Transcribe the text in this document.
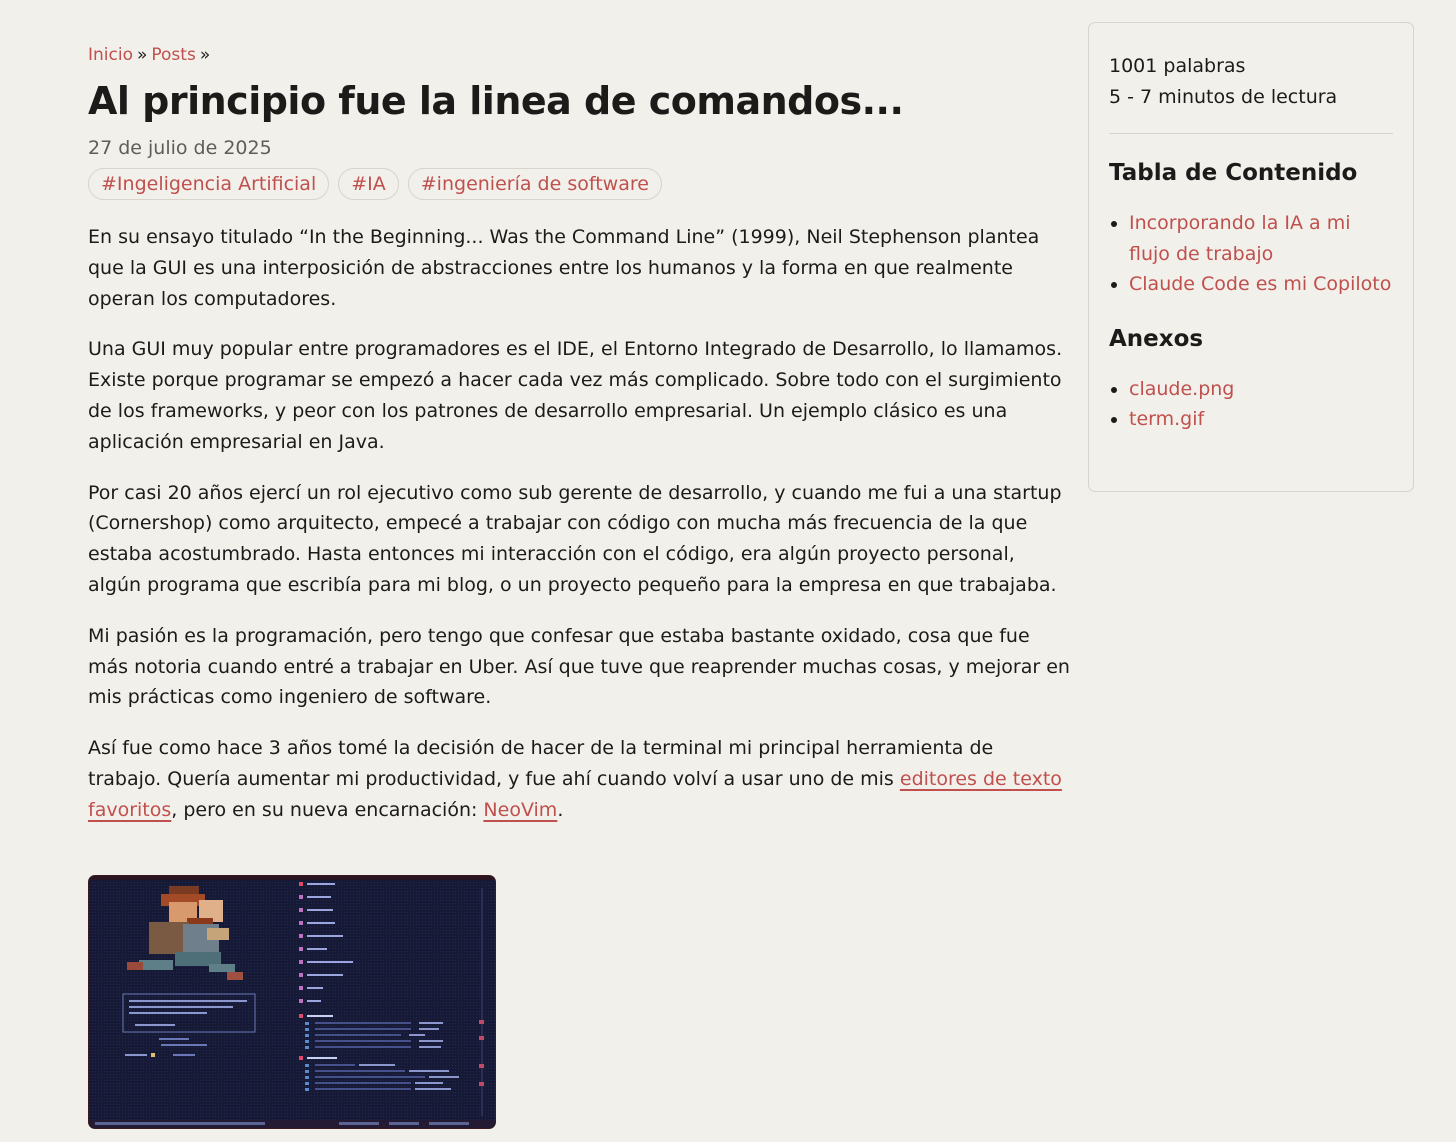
Inicio » Posts »
Al principio fue la linea de comandos...
27 de julio de 2025
#Ingeligencia Artificial	#IA	#ingeniería de software

En su ensayo titulado “In the Beginning... Was the Command Line” (1999), Neil Stephenson plantea que la GUI es una interposición de abstracciones entre los humanos y la forma en que realmente operan los computadores.

Una GUI muy popular entre programadores es el IDE, el Entorno Integrado de Desarrollo, lo llamamos. Existe porque programar se empezó a hacer cada vez más complicado. Sobre todo con el surgimiento de los frameworks, y peor con los patrones de desarrollo empresarial. Un ejemplo clásico es una aplicación empresarial en Java.

Por casi 20 años ejercí un rol ejecutivo como sub gerente de desarrollo, y cuando me fui a una startup (Cornershop) como arquitecto, empecé a trabajar con código con mucha más frecuencia de la que estaba acostumbrado. Hasta entonces mi interacción con el código, era algún proyecto personal, algún programa que escribía para mi blog, o un proyecto pequeño para la empresa en que trabajaba.

Mi pasión es la programación, pero tengo que confesar que estaba bastante oxidado, cosa que fue más notoria cuando entré a trabajar en Uber. Así que tuve que reaprender muchas cosas, y mejorar en mis prácticas como ingeniero de software.

Así fue como hace 3 años tomé la decisión de hacer de la terminal mi principal herramienta de trabajo. Quería aumentar mi productividad, y fue ahí cuando volví a usar uno de mis editores de texto favoritos, pero en su nueva encarnación: NeoVim.

1001 palabras
5 - 7 minutos de lectura
Tabla de Contenido
• Incorporando la IA a mi flujo de trabajo
• Claude Code es mi Copiloto
Anexos
• claude.png
• term.gif
